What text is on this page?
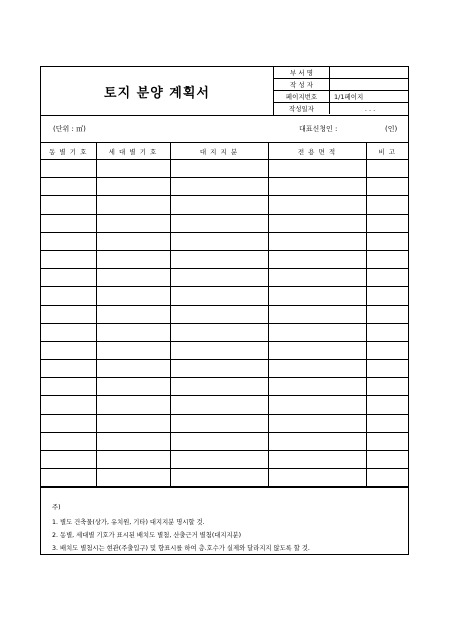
토지 분양 계획서
부 서 명
작 성 자
페이지번호	1/1페이지
작성일자	. . .
(단위 : ㎡)	대표신청인 :	(인)
동 별 기 호	세 대 별 기 호	대 지 지 분	전 용 면 적	비 고

주)
1. 별도 건축물(상가, 유치원, 기타) 대지지분 명시할 것.
2. 동별, 세대별 기호가 표시된 배치도 별첨, 산출근거 별첨(대지지분)
3. 배치도 별첨시는 현관(주출입구) 및 향표시를 하여 층.호수가 실제와 달라지지 않도록 할 것.
